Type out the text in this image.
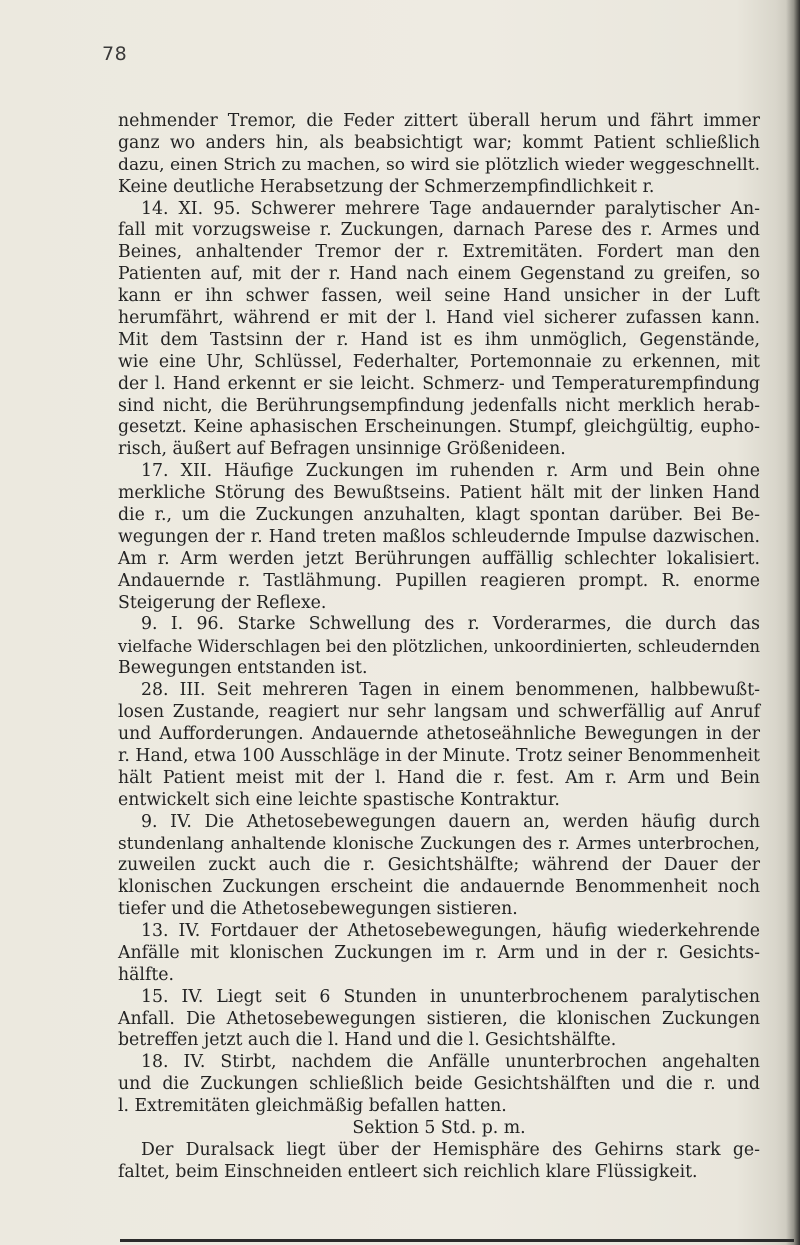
78
nehmender Tremor, die Feder zittert überall herum und fährt immer
ganz wo anders hin, als beabsichtigt war; kommt Patient schließlich
dazu, einen Strich zu machen, so wird sie plötzlich wieder weggeschnellt.
Keine deutliche Herabsetzung der Schmerzempfindlichkeit r.
14. XI. 95. Schwerer mehrere Tage andauernder paralytischer An-
fall mit vorzugsweise r. Zuckungen, darnach Parese des r. Armes und
Beines, anhaltender Tremor der r. Extremitäten. Fordert man den
Patienten auf, mit der r. Hand nach einem Gegenstand zu greifen, so
kann er ihn schwer fassen, weil seine Hand unsicher in der Luft
herumfährt, während er mit der l. Hand viel sicherer zufassen kann.
Mit dem Tastsinn der r. Hand ist es ihm unmöglich, Gegenstände,
wie eine Uhr, Schlüssel, Federhalter, Portemonnaie zu erkennen, mit
der l. Hand erkennt er sie leicht. Schmerz- und Temperaturempfindung
sind nicht, die Berührungsempfindung jedenfalls nicht merklich herab-
gesetzt. Keine aphasischen Erscheinungen. Stumpf, gleichgültig, eupho-
risch, äußert auf Befragen unsinnige Größenideen.
17. XII. Häufige Zuckungen im ruhenden r. Arm und Bein ohne
merkliche Störung des Bewußtseins. Patient hält mit der linken Hand
die r., um die Zuckungen anzuhalten, klagt spontan darüber. Bei Be-
wegungen der r. Hand treten maßlos schleudernde Impulse dazwischen.
Am r. Arm werden jetzt Berührungen auffällig schlechter lokalisiert.
Andauernde r. Tastlähmung. Pupillen reagieren prompt. R. enorme
Steigerung der Reflexe.
9. I. 96. Starke Schwellung des r. Vorderarmes, die durch das
vielfache Widerschlagen bei den plötzlichen, unkoordinierten, schleudernden
Bewegungen entstanden ist.
28. III. Seit mehreren Tagen in einem benommenen, halbbewußt-
losen Zustande, reagiert nur sehr langsam und schwerfällig auf Anruf
und Aufforderungen. Andauernde athetoseähnliche Bewegungen in der
r. Hand, etwa 100 Ausschläge in der Minute. Trotz seiner Benommenheit
hält Patient meist mit der l. Hand die r. fest. Am r. Arm und Bein
entwickelt sich eine leichte spastische Kontraktur.
9. IV. Die Athetosebewegungen dauern an, werden häufig durch
stundenlang anhaltende klonische Zuckungen des r. Armes unterbrochen,
zuweilen zuckt auch die r. Gesichtshälfte; während der Dauer der
klonischen Zuckungen erscheint die andauernde Benommenheit noch
tiefer und die Athetosebewegungen sistieren.
13. IV. Fortdauer der Athetosebewegungen, häufig wiederkehrende
Anfälle mit klonischen Zuckungen im r. Arm und in der r. Gesichts-
hälfte.
15. IV. Liegt seit 6 Stunden in ununterbrochenem paralytischen
Anfall. Die Athetosebewegungen sistieren, die klonischen Zuckungen
betreffen jetzt auch die l. Hand und die l. Gesichtshälfte.
18. IV. Stirbt, nachdem die Anfälle ununterbrochen angehalten
und die Zuckungen schließlich beide Gesichtshälften und die r. und
l. Extremitäten gleichmäßig befallen hatten.
Sektion 5 Std. p. m.
Der Duralsack liegt über der Hemisphäre des Gehirns stark ge-
faltet, beim Einschneiden entleert sich reichlich klare Flüssigkeit.
